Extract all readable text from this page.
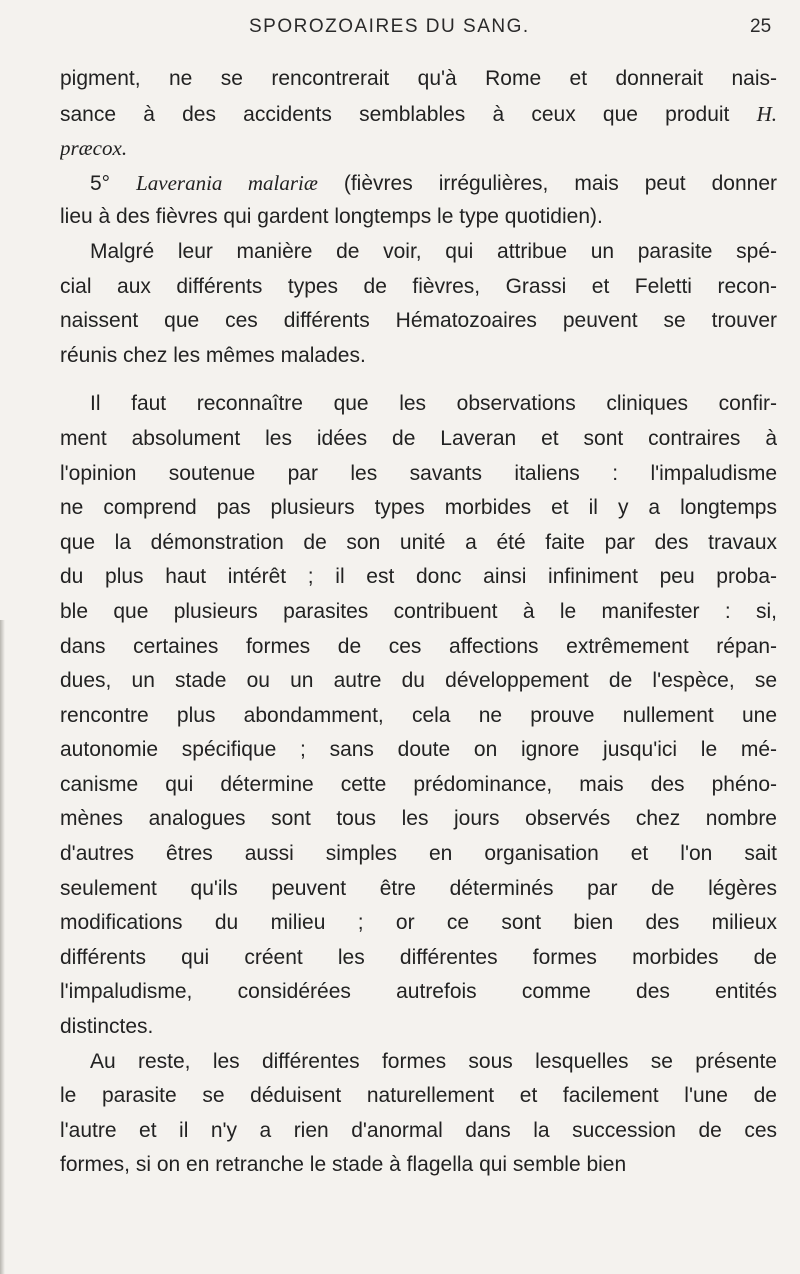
SPOROZOAIRES DU SANG.	25
pigment, ne se rencontrerait qu'à Rome et donnerait nais-
sance à des accidents semblables à ceux que produit H.
præcox.
5° Laverania malariæ (fièvres irrégulières, mais peut donner
lieu à des fièvres qui gardent longtemps le type quotidien).
Malgré leur manière de voir, qui attribue un parasite spé-
cial aux différents types de fièvres, Grassi et Feletti recon-
naissent que ces différents Hématozoaires peuvent se trouver
réunis chez les mêmes malades.
Il faut reconnaître que les observations cliniques confir-
ment absolument les idées de Laveran et sont contraires à
l'opinion soutenue par les savants italiens : l'impaludisme
ne comprend pas plusieurs types morbides et il y a longtemps
que la démonstration de son unité a été faite par des travaux
du plus haut intérêt ; il est donc ainsi infiniment peu proba-
ble que plusieurs parasites contribuent à le manifester : si,
dans certaines formes de ces affections extrêmement répan-
dues, un stade ou un autre du développement de l'espèce, se
rencontre plus abondamment, cela ne prouve nullement une
autonomie spécifique ; sans doute on ignore jusqu'ici le mé-
canisme qui détermine cette prédominance, mais des phéno-
mènes analogues sont tous les jours observés chez nombre
d'autres êtres aussi simples en organisation et l'on sait
seulement qu'ils peuvent être déterminés par de légères
modifications du milieu ; or ce sont bien des milieux
différents qui créent les différentes formes morbides de
l'impaludisme, considérées autrefois comme des entités
distinctes.
Au reste, les différentes formes sous lesquelles se présente
le parasite se déduisent naturellement et facilement l'une de
l'autre et il n'y a rien d'anormal dans la succession de ces
formes, si on en retranche le stade à flagella qui semble bien
